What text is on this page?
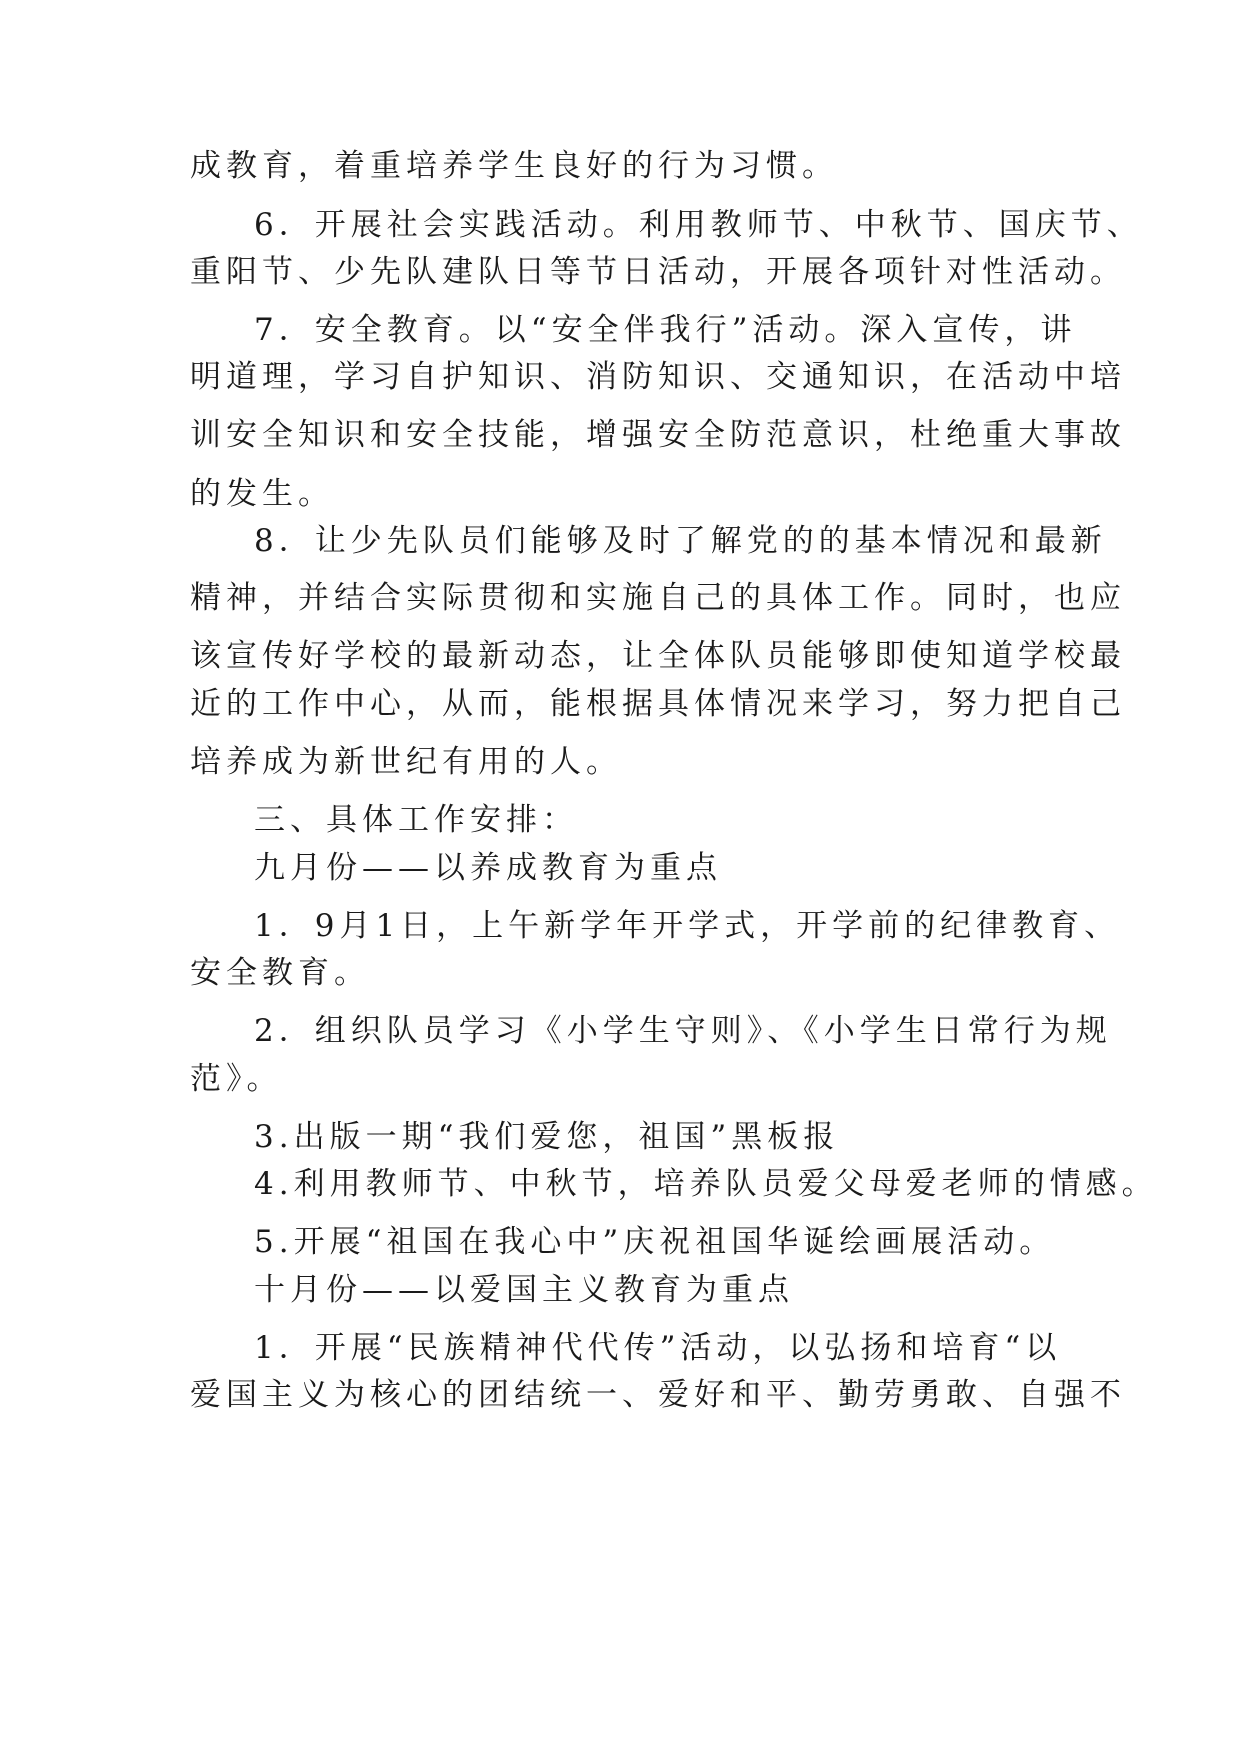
成教育，着重培养学生良好的行为习惯。
6．开展社会实践活动。利用教师节、中秋节、国庆节、
重阳节、少先队建队日等节日活动，开展各项针对性活动。
7．安全教育。以“安全伴我行”活动。深入宣传，讲
明道理，学习自护知识、消防知识、交通知识，在活动中培
训安全知识和安全技能，增强安全防范意识，杜绝重大事故
的发生。
8．让少先队员们能够及时了解党的的基本情况和最新
精神，并结合实际贯彻和实施自己的具体工作。同时，也应
该宣传好学校的最新动态，让全体队员能够即使知道学校最
近的工作中心，从而，能根据具体情况来学习，努力把自己
培养成为新世纪有用的人。
三、具体工作安排：
九月份——以养成教育为重点
1．9月1日，上午新学年开学式，开学前的纪律教育、
安全教育。
2．组织队员学习《小学生守则》、《小学生日常行为规
范》。
3.出版一期“我们爱您，祖国”黑板报
4.利用教师节、中秋节，培养队员爱父母爱老师的情感。
5.开展“祖国在我心中”庆祝祖国华诞绘画展活动。
十月份——以爱国主义教育为重点
1．开展“民族精神代代传”活动，以弘扬和培育“以
爱国主义为核心的团结统一、爱好和平、勤劳勇敢、自强不
